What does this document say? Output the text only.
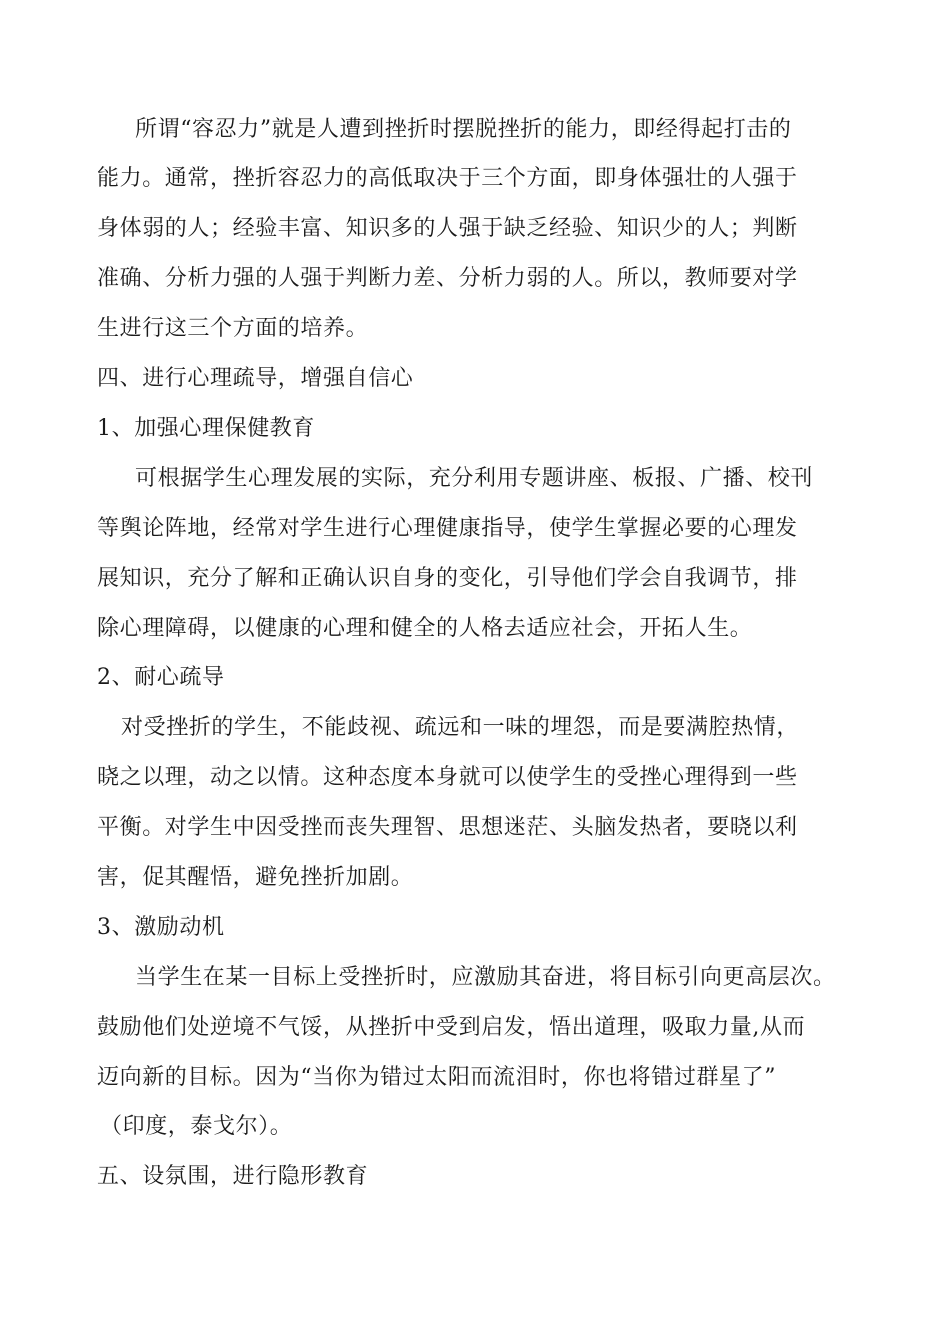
所谓“容忍力”就是人遭到挫折时摆脱挫折的能力，即经得起打击的
能力。通常，挫折容忍力的高低取决于三个方面，即身体强壮的人强于
身体弱的人；经验丰富、知识多的人强于缺乏经验、知识少的人；判断
准确、分析力强的人强于判断力差、分析力弱的人。所以，教师要对学
生进行这三个方面的培养。
四、进行心理疏导，增强自信心
1、加强心理保健教育
可根据学生心理发展的实际，充分利用专题讲座、板报、广播、校刊
等舆论阵地，经常对学生进行心理健康指导，使学生掌握必要的心理发
展知识，充分了解和正确认识自身的变化，引导他们学会自我调节，排
除心理障碍，以健康的心理和健全的人格去适应社会，开拓人生。
2、耐心疏导
对受挫折的学生，不能歧视、疏远和一味的埋怨，而是要满腔热情，
晓之以理，动之以情。这种态度本身就可以使学生的受挫心理得到一些
平衡。对学生中因受挫而丧失理智、思想迷茫、头脑发热者，要晓以利
害，促其醒悟，避免挫折加剧。
3、激励动机
当学生在某一目标上受挫折时，应激励其奋进，将目标引向更高层次。
鼓励他们处逆境不气馁，从挫折中受到启发，悟出道理，吸取力量,从而
迈向新的目标。因为“当你为错过太阳而流泪时，你也将错过群星了”
（印度，泰戈尔）。
五、设氛围，进行隐形教育
